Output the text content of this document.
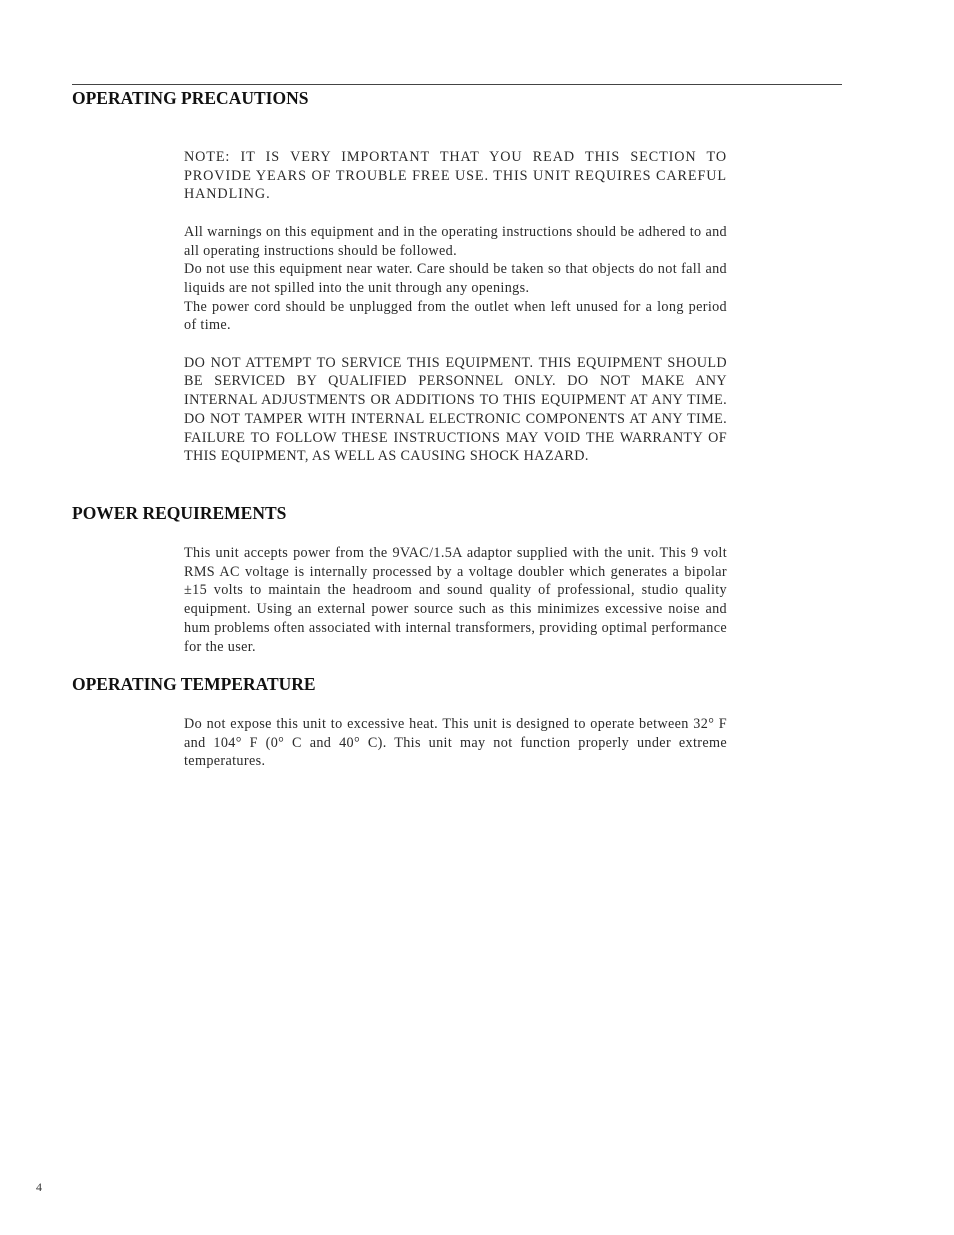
OPERATING PRECAUTIONS

NOTE: IT IS VERY IMPORTANT THAT YOU READ THIS SECTION TO PROVIDE YEARS OF TROUBLE FREE USE. THIS UNIT REQUIRES CAREFUL HANDLING.

All warnings on this equipment and in the operating instructions should be adhered to and all operating instructions should be followed.

Do not use this equipment near water. Care should be taken so that objects do not fall and liquids are not spilled into the unit through any openings.

The power cord should be unplugged from the outlet when left unused for a long period of time.

DO NOT ATTEMPT TO SERVICE THIS EQUIPMENT. THIS EQUIPMENT SHOULD BE SERVICED BY QUALIFIED PERSONNEL ONLY. DO NOT MAKE ANY INTERNAL ADJUSTMENTS OR ADDITIONS TO THIS EQUIPMENT AT ANY TIME. DO NOT TAMPER WITH INTERNAL ELECTRONIC COMPONENTS AT ANY TIME. FAILURE TO FOLLOW THESE INSTRUCTIONS MAY VOID THE WARRANTY OF THIS EQUIPMENT, AS WELL AS CAUSING SHOCK HAZARD.

POWER REQUIREMENTS

This unit accepts power from the 9VAC/1.5A adaptor supplied with the unit. This 9 volt RMS AC voltage is internally processed by a voltage doubler which generates a bipolar ±15 volts to maintain the headroom and sound quality of professional, studio quality equipment. Using an external power source such as this minimizes excessive noise and hum problems often associated with internal transformers, providing optimal performance for the user.

OPERATING TEMPERATURE

Do not expose this unit to excessive heat. This unit is designed to operate between 32° F and 104° F (0° C and 40° C). This unit may not function properly under extreme temperatures.

4
